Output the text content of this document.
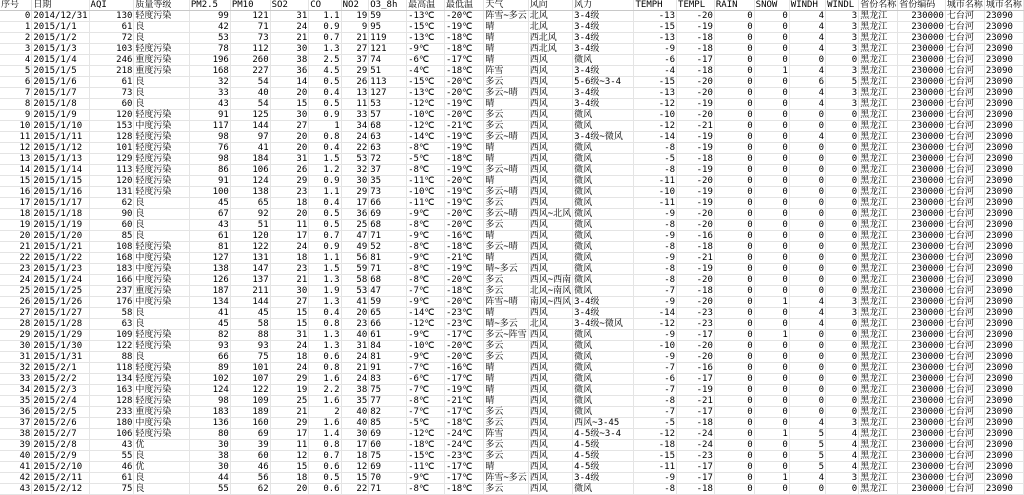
序号	日期	AQI	质量等级	PM2.5	PM10	SO2	CO	NO2	O3_8h	最高温	最低温	天气	风向	风力	TEMPH	TEMPL	RAIN	SNOW	WINDH	WINDL	省份名称	省份编码	城市名称	城市名称
0	2014/12/31	130	轻度污染	99	121	31	1.1	19	59	-13℃	-20℃	阵雪~多云	北风	3-4级	-13	-20	0	0	4	3	黑龙江	230000	七台河	23090
1	2015/1/1	61	良	42	71	24	0.9	9	95	-15℃	-19℃	晴	北风	3-4级	-15	-19	0	0	4	3	黑龙江	230000	七台河	23090
2	2015/1/2	72	良	53	73	21	0.7	21	119	-13℃	-18℃	晴	西北风	3-4级	-13	-18	0	0	4	3	黑龙江	230000	七台河	23090
3	2015/1/3	103	轻度污染	78	112	30	1.3	27	121	-9℃	-18℃	晴	西北风	3-4级	-9	-18	0	0	4	3	黑龙江	230000	七台河	23090
4	2015/1/4	246	重度污染	196	260	38	2.5	37	74	-6℃	-17℃	晴	西风	微风	-6	-17	0	0	0	0	黑龙江	230000	七台河	23090
5	2015/1/5	218	重度污染	168	227	36	4.5	29	51	-4℃	-18℃	阵雪	西风	3-4级	-4	-18	0	1	4	3	黑龙江	230000	七台河	23090
6	2015/1/6	61	良	32	54	14	0.5	26	113	-15℃	-20℃	多云	西风	5-6级~3-4	-15	-20	0	0	6	5	黑龙江	230000	七台河	23090
7	2015/1/7	73	良	33	40	20	0.4	13	127	-13℃	-20℃	多云~晴	西风	3-4级	-13	-20	0	0	4	3	黑龙江	230000	七台河	23090
8	2015/1/8	60	良	43	54	15	0.5	11	53	-12℃	-19℃	晴	西风	3-4级	-12	-19	0	0	4	3	黑龙江	230000	七台河	23090
9	2015/1/9	120	轻度污染	91	125	30	0.9	33	57	-10℃	-20℃	多云	西风	微风	-10	-20	0	0	0	0	黑龙江	230000	七台河	23090
10	2015/1/10	153	中度污染	117	144	27	1	34	68	-12℃	-21℃	多云	西风	微风	-12	-21	0	0	0	0	黑龙江	230000	七台河	23090
11	2015/1/11	128	轻度污染	98	97	20	0.8	24	63	-14℃	-19℃	多云~晴	西风	3-4级~微风	-14	-19	0	0	4	0	黑龙江	230000	七台河	23090
12	2015/1/12	101	轻度污染	76	41	20	0.4	22	63	-8℃	-19℃	晴	西风	微风	-8	-19	0	0	0	0	黑龙江	230000	七台河	23090
13	2015/1/13	129	轻度污染	98	184	31	1.5	53	72	-5℃	-18℃	晴	西风	微风	-5	-18	0	0	0	0	黑龙江	230000	七台河	23090
14	2015/1/14	113	轻度污染	86	106	26	1.2	32	37	-8℃	-19℃	多云~晴	西风	微风	-8	-19	0	0	0	0	黑龙江	230000	七台河	23090
15	2015/1/15	120	轻度污染	91	124	29	0.9	30	35	-11℃	-20℃	晴	西风	微风	-11	-20	0	0	0	0	黑龙江	230000	七台河	23090
16	2015/1/16	131	轻度污染	100	138	23	1.1	29	73	-10℃	-19℃	多云~晴	西风	微风	-10	-19	0	0	0	0	黑龙江	230000	七台河	23090
17	2015/1/17	62	良	45	65	18	0.4	17	66	-11℃	-19℃	多云	西风	微风	-11	-19	0	0	0	0	黑龙江	230000	七台河	23090
18	2015/1/18	90	良	67	92	20	0.5	36	69	-9℃	-20℃	多云~晴	西风~北风	微风	-9	-20	0	0	0	0	黑龙江	230000	七台河	23090
19	2015/1/19	60	良	43	51	11	0.5	25	68	-8℃	-20℃	多云	西风	微风	-8	-20	0	0	0	0	黑龙江	230000	七台河	23090
20	2015/1/20	85	良	61	120	17	0.7	47	71	-9℃	-16℃	晴	西风	微风	-9	-16	0	0	0	0	黑龙江	230000	七台河	23090
21	2015/1/21	108	轻度污染	81	122	24	0.9	49	52	-8℃	-18℃	多云~晴	西风	微风	-8	-18	0	0	0	0	黑龙江	230000	七台河	23090
22	2015/1/22	168	中度污染	127	131	18	1.1	56	81	-9℃	-21℃	晴	西风	微风	-9	-21	0	0	0	0	黑龙江	230000	七台河	23090
23	2015/1/23	183	中度污染	138	147	23	1.5	59	71	-8℃	-19℃	晴~多云	西风	微风	-8	-19	0	0	0	0	黑龙江	230000	七台河	23090
24	2015/1/24	166	中度污染	126	137	21	1.3	58	68	-8℃	-20℃	多云	西风~西南	微风	-8	-20	0	0	0	0	黑龙江	230000	七台河	23090
25	2015/1/25	237	重度污染	187	211	30	1.9	53	47	-7℃	-18℃	多云	北风~南风	微风	-7	-18	0	0	0	0	黑龙江	230000	七台河	23090
26	2015/1/26	176	中度污染	134	144	27	1.3	41	59	-9℃	-20℃	阵雪~晴	南风~西风	3-4级	-9	-20	0	1	4	3	黑龙江	230000	七台河	23090
27	2015/1/27	58	良	41	45	15	0.4	20	65	-14℃	-23℃	晴	西风	3-4级	-14	-23	0	0	4	3	黑龙江	230000	七台河	23090
28	2015/1/28	63	良	45	58	15	0.8	23	66	-12℃	-23℃	晴~多云	北风	3-4级~微风	-12	-23	0	0	4	0	黑龙江	230000	七台河	23090
29	2015/1/29	109	轻度污染	82	88	31	1.3	40	61	-9℃	-17℃	多云~阵雪	西风	微风	-9	-17	0	1	0	0	黑龙江	230000	七台河	23090
30	2015/1/30	122	轻度污染	93	93	24	1.3	31	84	-10℃	-20℃	多云	西风	微风	-10	-20	0	0	0	0	黑龙江	230000	七台河	23090
31	2015/1/31	88	良	66	75	18	0.6	24	81	-9℃	-20℃	多云	西风	微风	-9	-20	0	0	0	0	黑龙江	230000	七台河	23090
32	2015/2/1	118	轻度污染	89	101	24	0.8	21	91	-7℃	-16℃	晴	西风	微风	-7	-16	0	0	0	0	黑龙江	230000	七台河	23090
33	2015/2/2	134	轻度污染	102	107	29	1.6	24	83	-6℃	-17℃	晴	西风	微风	-6	-17	0	0	0	0	黑龙江	230000	七台河	23090
34	2015/2/3	163	中度污染	124	122	19	2.2	38	75	-7℃	-19℃	晴	西风	微风	-7	-19	0	0	0	0	黑龙江	230000	七台河	23090
35	2015/2/4	128	轻度污染	98	109	25	1.6	35	77	-8℃	-21℃	晴	西风	微风	-8	-21	0	0	0	0	黑龙江	230000	七台河	23090
36	2015/2/5	233	重度污染	183	189	21	2	40	82	-7℃	-17℃	多云	西风	微风	-7	-17	0	0	0	0	黑龙江	230000	七台河	23090
37	2015/2/6	180	中度污染	136	160	29	1.6	40	85	-5℃	-18℃	多云	西风	西风~3-45	-5	-18	0	0	4	3	黑龙江	230000	七台河	23090
38	2015/2/7	106	轻度污染	80	69	17	1.4	30	69	-12℃	-24℃	阵雪	西风	4-5级~3-4	-12	-24	0	1	5	4	黑龙江	230000	七台河	23090
39	2015/2/8	43	优	30	39	11	0.8	17	60	-18℃	-24℃	多云	西风	4-5级	-18	-24	0	0	5	4	黑龙江	230000	七台河	23090
40	2015/2/9	55	良	38	60	12	0.7	18	75	-15℃	-23℃	多云	西风	4-5级	-15	-23	0	0	5	4	黑龙江	230000	七台河	23090
41	2015/2/10	46	优	30	46	15	0.6	12	69	-11℃	-17℃	晴	西风	4-5级	-11	-17	0	0	5	4	黑龙江	230000	七台河	23090
42	2015/2/11	61	良	44	56	18	0.5	15	70	-9℃	-17℃	阵雪~多云	西风	3-4级	-9	-17	0	1	4	3	黑龙江	230000	七台河	23090
43	2015/2/12	75	良	55	62	20	0.6	22	71	-8℃	-18℃	多云	西风	微风	-8	-18	0	0	0	0	黑龙江	230000	七台河	23090
